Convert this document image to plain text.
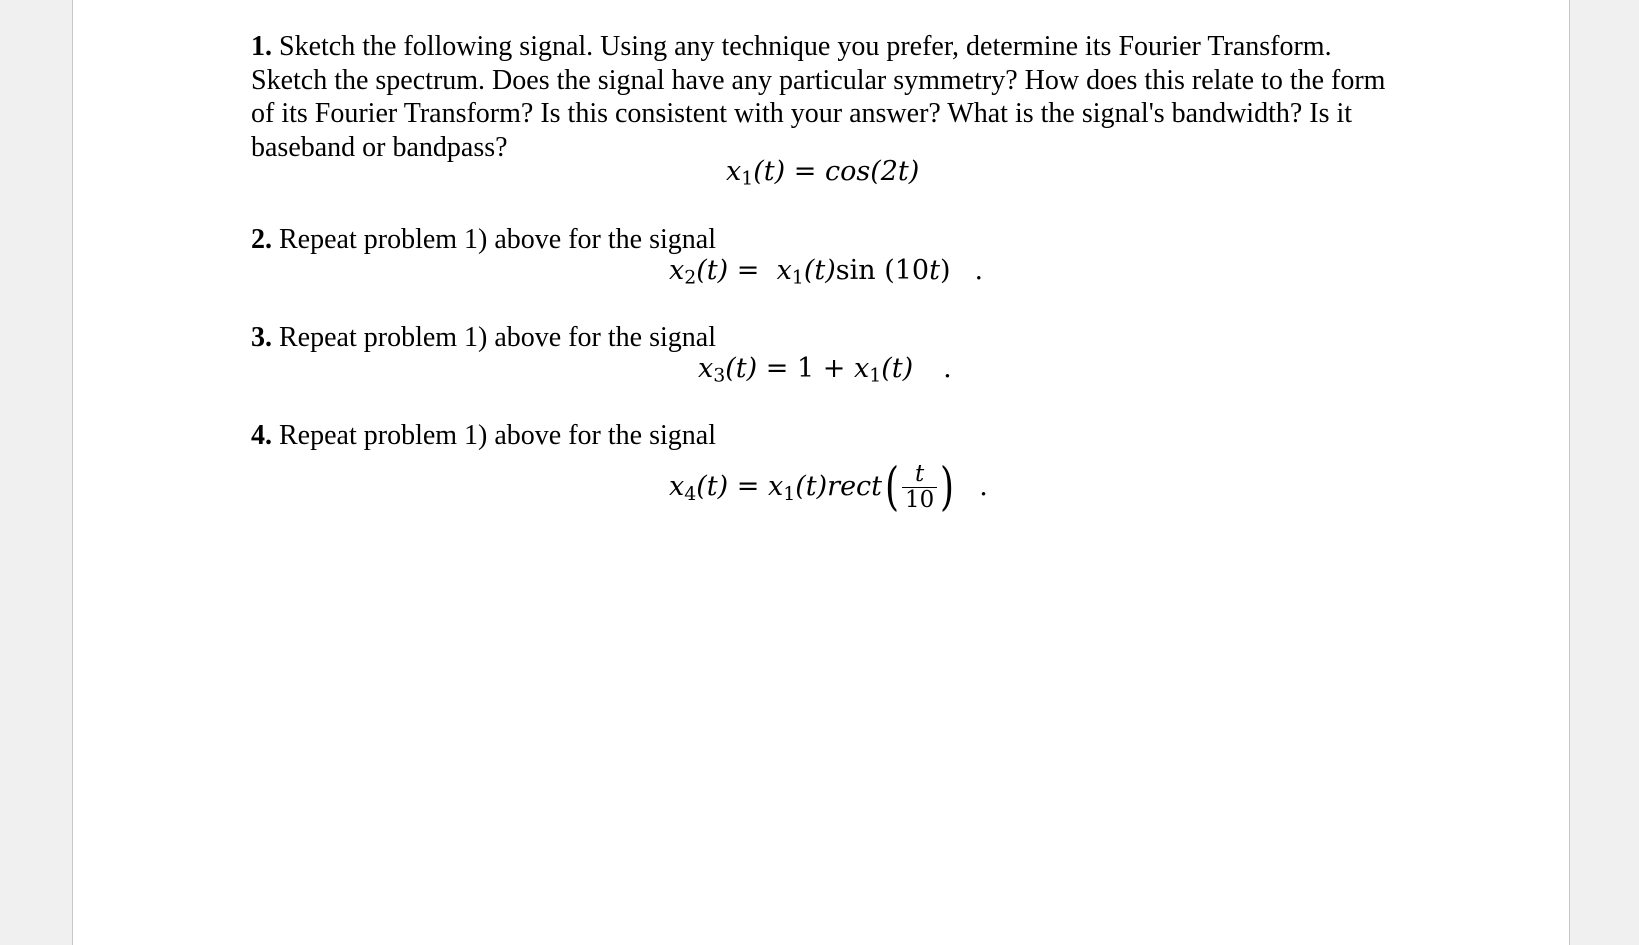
1. Sketch the following signal. Using any technique you prefer, determine its Fourier Transform. Sketch the spectrum. Does the signal have any particular symmetry? How does this relate to the form of its Fourier Transform? Is this consistent with your answer? What is the signal's bandwidth? Is it baseband or bandpass?

$x_1(t) = \cos(2t)$
2. Repeat problem 1) above for the signal
$x_2(t) = x_1(t)\sin$ (10t) .
3. Repeat problem 1) above for the signal
$x_3(t) = 1 + x_1(t)$ .
4. Repeat problem 1) above for the signal
$x_4(t)$ = $x_1(t)rect( \frac{t}{10}$ ) .
